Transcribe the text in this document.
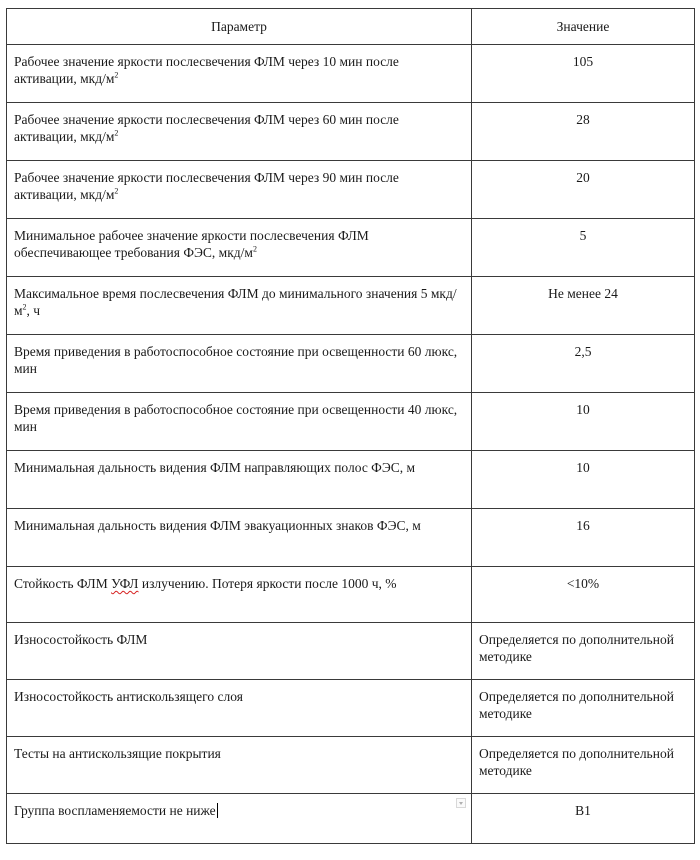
Параметр	Значение
Рабочее значение яркости послесвечения ФЛМ через 10 мин после активации, мкд/$м^2$	105
Рабочее значение яркости послесвечения ФЛМ через 60 мин после активации, мкд/$м^2$	28
Рабочее значение яркости послесвечения ФЛМ через 90 мин после активации, мкд/$м^2$	20
Минимальное рабочее значение яркости послесвечения ФЛМ обеспечивающее требования ФЭС, мкд/$м^2$	5
Максимальное время послесвечения ФЛМ до минимального значения 5 мкд/$м^2$, ч	Не менее 24
Время приведения в работоспособное состояние при освещенности 60 люкс, мин	2,5
Время приведения в работоспособное состояние при освещенности 40 люкс, мин	10
Минимальная дальность видения ФЛМ направляющих полос ФЭС, м	10
Минимальная дальность видения ФЛМ эвакуационных знаков ФЭС, м	16
Стойкость ФЛМ УФЛ излучению. Потеря яркости после 1000 ч, %	<10%
Износостойкость ФЛМ	Определяется по дополнительной методике
Износостойкость антискользящего слоя	Определяется по дополнительной методике
Тесты на антискользящие покрытия	Определяется по дополнительной методике
Группа воспламеняемости не ниже	В1
